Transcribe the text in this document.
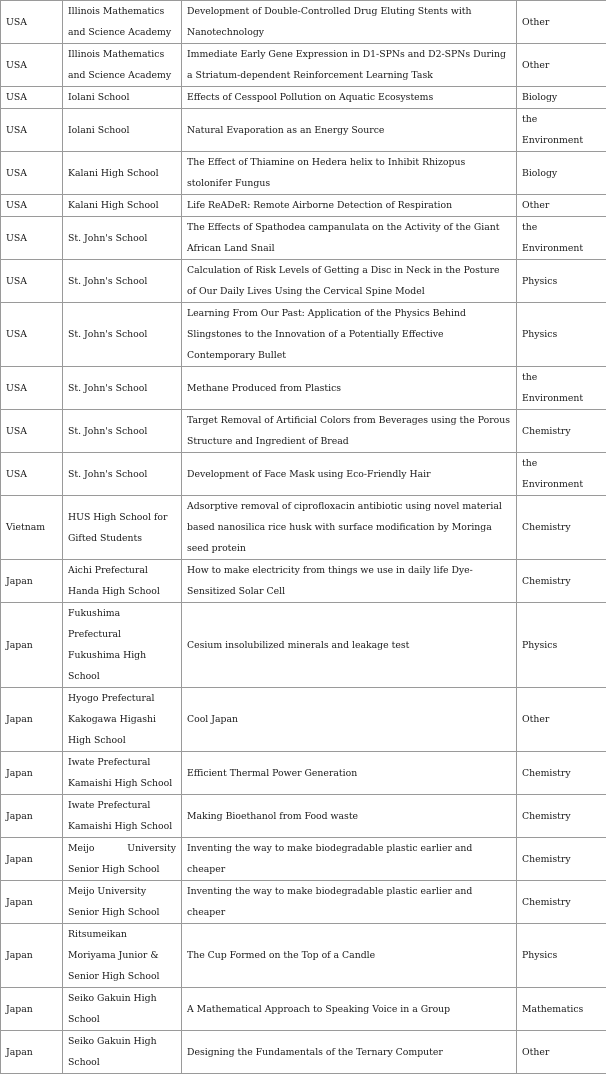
USA	Illinois Mathematics and Science Academy	Development of Double-Controlled Drug Eluting Stents with Nanotechnology	Other
USA	Illinois Mathematics and Science Academy	Immediate Early Gene Expression in D1-SPNs and D2-SPNs During a Striatum-dependent Reinforcement Learning Task	Other
USA	Iolani School	Effects of Cesspool Pollution on Aquatic Ecosystems	Biology
USA	Iolani School	Natural Evaporation as an Energy Source	the Environment
USA	Kalani High School	The Effect of Thiamine on Hedera helix to Inhibit Rhizopus stolonifer Fungus	Biology
USA	Kalani High School	Life ReADeR: Remote Airborne Detection of Respiration	Other
USA	St. John's School	The Effects of Spathodea campanulata on the Activity of the Giant African Land Snail	the Environment
USA	St. John's School	Calculation of Risk Levels of Getting a Disc in Neck in the Posture of Our Daily Lives Using the Cervical Spine Model	Physics
USA	St. John's School	Learning From Our Past: Application of the Physics Behind Slingstones to the Innovation of a Potentially Effective Contemporary Bullet	Physics
USA	St. John's School	Methane Produced from Plastics	the Environment
USA	St. John's School	Target Removal of Artificial Colors from Beverages using the Porous Structure and Ingredient of Bread	Chemistry
USA	St. John's School	Development of Face Mask using Eco-Friendly Hair	the Environment
Vietnam	HUS High School for Gifted Students	Adsorptive removal of ciprofloxacin antibiotic using novel material based nanosilica rice husk with surface modification by Moringa seed protein	Chemistry
Japan	Aichi Prefectural Handa High School	How to make electricity from things we use in daily life Dye-Sensitized Solar Cell	Chemistry
Japan	Fukushima Prefectural Fukushima High School	Cesium insolubilized minerals and leakage test	Physics
Japan	Hyogo Prefectural Kakogawa Higashi High School	Cool Japan	Other
Japan	Iwate Prefectural Kamaishi High School	Efficient Thermal Power Generation	Chemistry
Japan	Iwate Prefectural Kamaishi High School	Making Bioethanol from Food waste	Chemistry
Japan	Meijo University Senior High School	Inventing the way to make biodegradable plastic earlier and cheaper	Chemistry
Japan	Meijo University Senior High School	Inventing the way to make biodegradable plastic earlier and cheaper	Chemistry
Japan	Ritsumeikan Moriyama Junior & Senior High School	The Cup Formed on the Top of a Candle	Physics
Japan	Seiko Gakuin High School	A Mathematical Approach to Speaking Voice in a Group	Mathematics
Japan	Seiko Gakuin High School	Designing the Fundamentals of the Ternary Computer	Other
